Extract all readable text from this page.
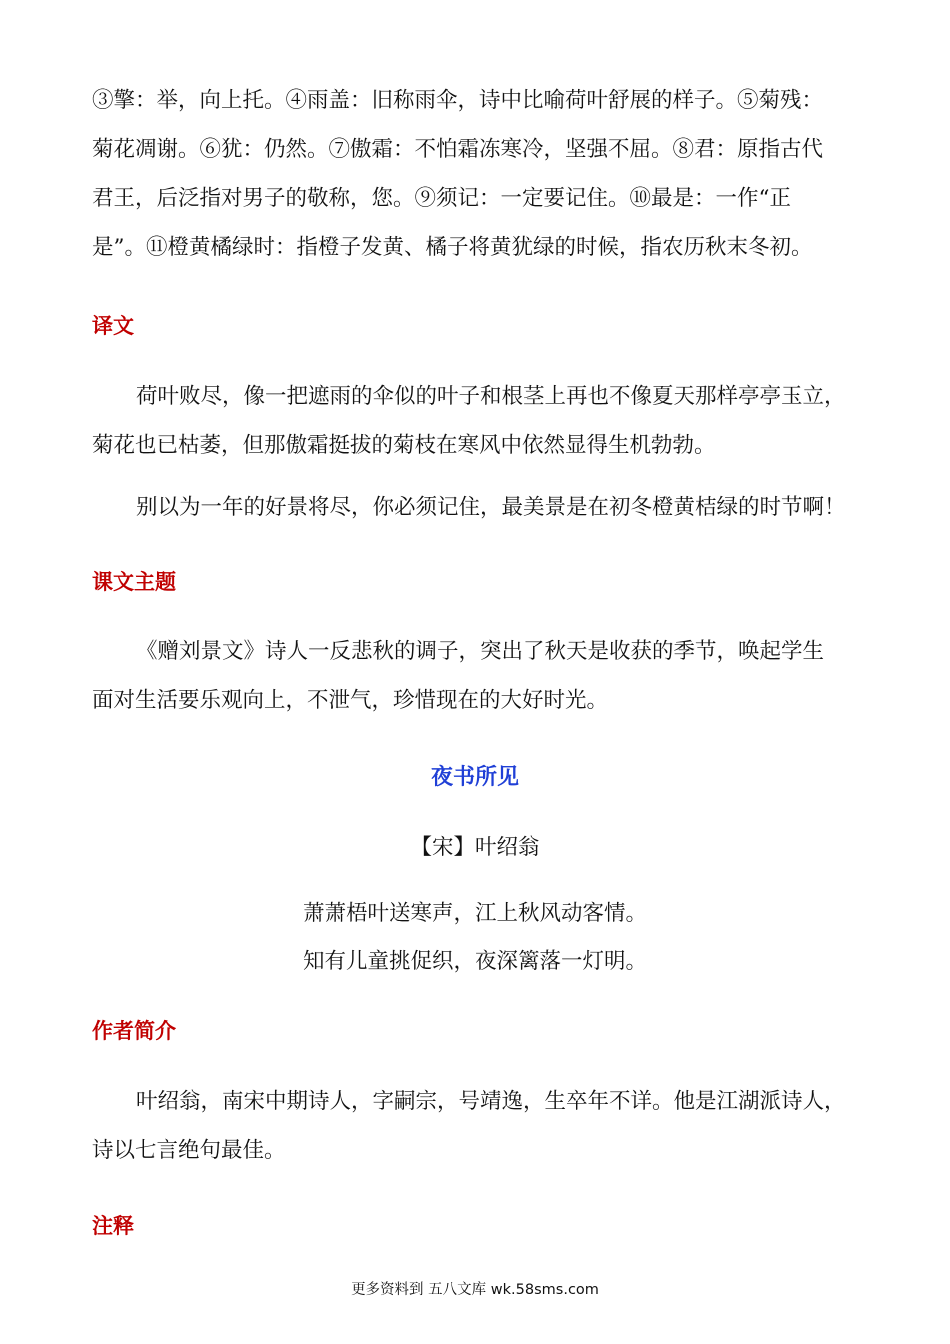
③擎：举，向上托。④雨盖：旧称雨伞，诗中比喻荷叶舒展的样子。⑤菊残：
菊花凋谢。⑥犹：仍然。⑦傲霜：不怕霜冻寒冷，坚强不屈。⑧君：原指古代
君王，后泛指对男子的敬称，您。⑨须记：一定要记住。⑩最是：一作“正
是”。⑪橙黄橘绿时：指橙子发黄、橘子将黄犹绿的时候，指农历秋末冬初。
译文
荷叶败尽，像一把遮雨的伞似的叶子和根茎上再也不像夏天那样亭亭玉立，
菊花也已枯萎，但那傲霜挺拔的菊枝在寒风中依然显得生机勃勃。

别以为一年的好景将尽，你必须记住，最美景是在初冬橙黄桔绿的时节啊！

课文主题
《赠刘景文》诗人一反悲秋的调子，突出了秋天是收获的季节，唤起学生
面对生活要乐观向上，不泄气，珍惜现在的大好时光。
夜书所见

【宋】叶绍翁

萧萧梧叶送寒声，江上秋风动客情。

知有儿童挑促织，夜深篱落一灯明。

作者简介
叶绍翁，南宋中期诗人，字嗣宗，号靖逸，生卒年不详。他是江湖派诗人，
诗以七言绝句最佳。
注释
更多资料到 五八文库 wk.58sms.com
